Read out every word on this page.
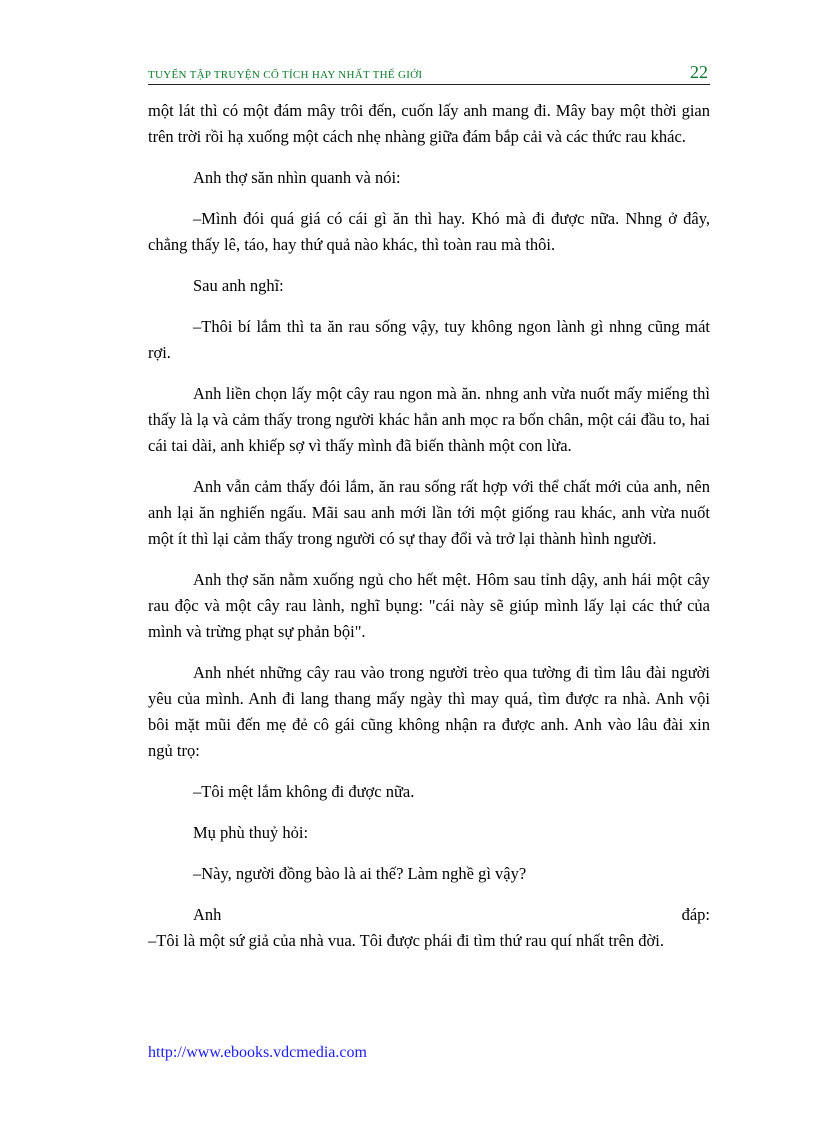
TUYỂN TẬP TRUYỆN CỔ TÍCH HAY NHẤT THẾ GIỚI	22

một lát thì có một đám mây trôi đến, cuốn lấy anh mang đi. Mây bay một thời gian trên trời rồi hạ xuống một cách nhẹ nhàng giữa đám bắp cải và các thức rau khác.

Anh thợ săn nhìn quanh và nói:

–Mình đói quá giá có cái gì ăn thì hay. Khó mà đi được nữa. Nhng ở đây, chẳng thấy lê, táo, hay thứ quả nào khác, thì toàn rau mà thôi.

Sau anh nghĩ:

–Thôi bí lắm thì ta ăn rau sống vậy, tuy không ngon lành gì nhng cũng mát rợi.

Anh liền chọn lấy một cây rau ngon mà ăn. nhng anh vừa nuốt mấy miếng thì thấy là lạ và cảm thấy trong người khác hẳn anh mọc ra bốn chân, một cái đầu to, hai cái tai dài, anh khiếp sợ vì thấy mình đã biến thành một con lừa.

Anh vẫn cảm thấy đói lắm, ăn rau sống rất hợp với thể chất mới của anh, nên anh lại ăn nghiến ngấu. Mãi sau anh mới lần tới một giống rau khác, anh vừa nuốt một ít thì lại cảm thấy trong người có sự thay đổi và trở lại thành hình người.

Anh thợ săn nằm xuống ngủ cho hết mệt. Hôm sau tỉnh dậy, anh hái một cây rau độc và một cây rau lành, nghĩ bụng: "cái này sẽ giúp mình lấy lại các thứ của mình và trừng phạt sự phản bội".

Anh nhét những cây rau vào trong người trèo qua tường đi tìm lâu đài người yêu của mình. Anh đi lang thang mấy ngày thì may quá, tìm được ra nhà. Anh vội bôi mặt mũi đến mẹ đẻ cô gái cũng không nhận ra được anh. Anh vào lâu đài xin ngủ trọ:

–Tôi mệt lắm không đi được nữa.

Mụ phù thuỷ hỏi:

–Này, người đồng bào là ai thế? Làm nghề gì vậy?

Anh	đáp:
–Tôi là một sứ giả của nhà vua. Tôi được phái đi tìm thứ rau quí nhất trên đời.
http://www.ebooks.vdcmedia.com
